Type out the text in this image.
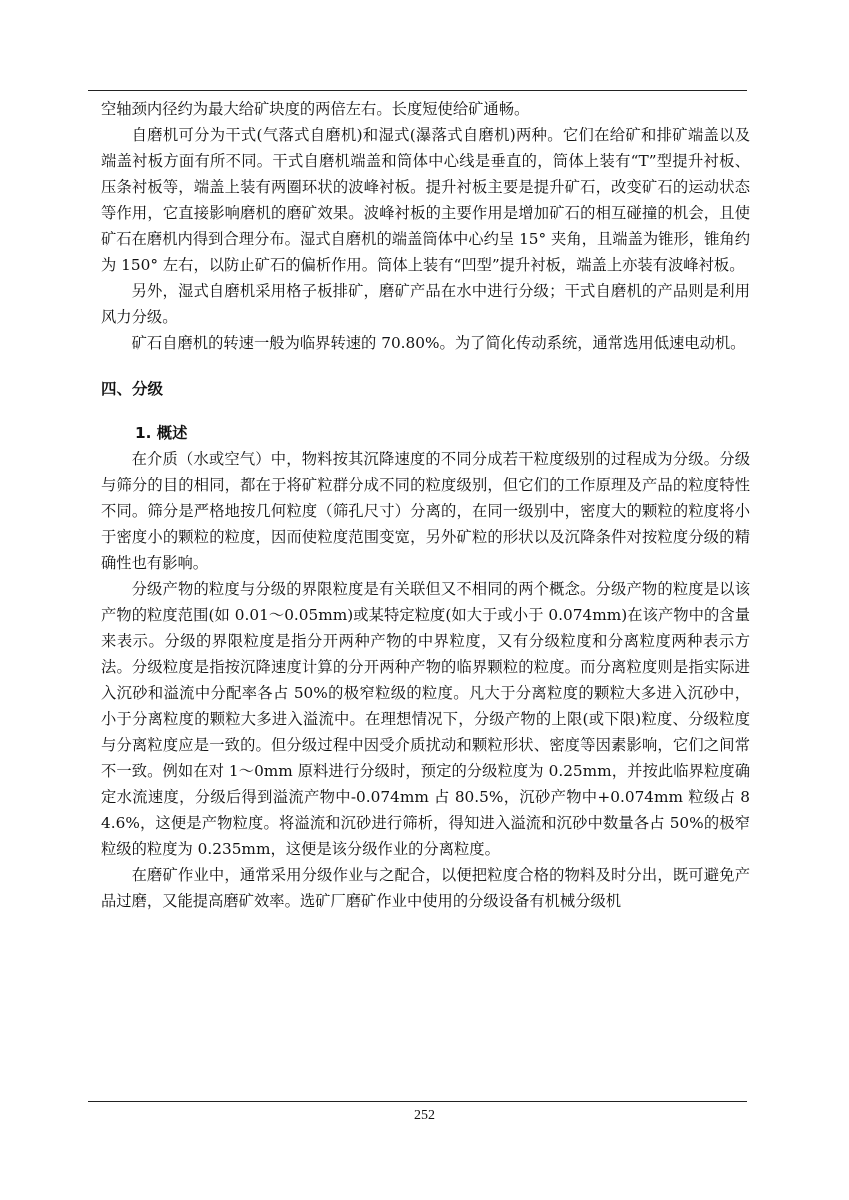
空轴颈内径约为最大给矿块度的两倍左右。长度短使给矿通畅。

自磨机可分为干式(气落式自磨机)和湿式(瀑落式自磨机)两种。它们在给矿和排矿端盖以及端盖衬板方面有所不同。干式自磨机端盖和筒体中心线是垂直的，筒体上装有“T”型提升衬板、压条衬板等，端盖上装有两圈环状的波峰衬板。提升衬板主要是提升矿石，改变矿石的运动状态等作用，它直接影响磨机的磨矿效果。波峰衬板的主要作用是增加矿石的相互碰撞的机会，且使矿石在磨机内得到合理分布。湿式自磨机的端盖筒体中心约呈 15° 夹角，且端盖为锥形，锥角约为 150° 左右，以防止矿石的偏析作用。筒体上装有“凹型”提升衬板，端盖上亦装有波峰衬板。

另外，湿式自磨机采用格子板排矿，磨矿产品在水中进行分级；干式自磨机的产品则是利用风力分级。

矿石自磨机的转速一般为临界转速的 70.80%。为了简化传动系统，通常选用低速电动机。

四、分级
1. 概述

在介质（水或空气）中，物料按其沉降速度的不同分成若干粒度级别的过程成为分级。分级与筛分的目的相同，都在于将矿粒群分成不同的粒度级别，但它们的工作原理及产品的粒度特性不同。筛分是严格地按几何粒度（筛孔尺寸）分离的，在同一级别中，密度大的颗粒的粒度将小于密度小的颗粒的粒度，因而使粒度范围变宽，另外矿粒的形状以及沉降条件对按粒度分级的精确性也有影响。

分级产物的粒度与分级的界限粒度是有关联但又不相同的两个概念。分级产物的粒度是以该产物的粒度范围(如 0.01～0.05mm)或某特定粒度(如大于或小于 0.074mm)在该产物中的含量来表示。分级的界限粒度是指分开两种产物的中界粒度，又有分级粒度和分离粒度两种表示方法。分级粒度是指按沉降速度计算的分开两种产物的临界颗粒的粒度。而分离粒度则是指实际进入沉砂和溢流中分配率各占 50%的极窄粒级的粒度。凡大于分离粒度的颗粒大多进入沉砂中，小于分离粒度的颗粒大多进入溢流中。在理想情况下，分级产物的上限(或下限)粒度、分级粒度与分离粒度应是一致的。但分级过程中因受介质扰动和颗粒形状、密度等因素影响，它们之间常不一致。例如在对 1～0mm 原料进行分级时，预定的分级粒度为 0.25mm，并按此临界粒度确定水流速度，分级后得到溢流产物中-0.074mm 占 80.5%，沉砂产物中+0.074mm 粒级占 84.6%，这便是产物粒度。将溢流和沉砂进行筛析，得知进入溢流和沉砂中数量各占 50%的极窄粒级的粒度为 0.235mm，这便是该分级作业的分离粒度。

在磨矿作业中，通常采用分级作业与之配合，以便把粒度合格的物料及时分出，既可避免产品过磨，又能提高磨矿效率。选矿厂磨矿作业中使用的分级设备有机械分级机

252
